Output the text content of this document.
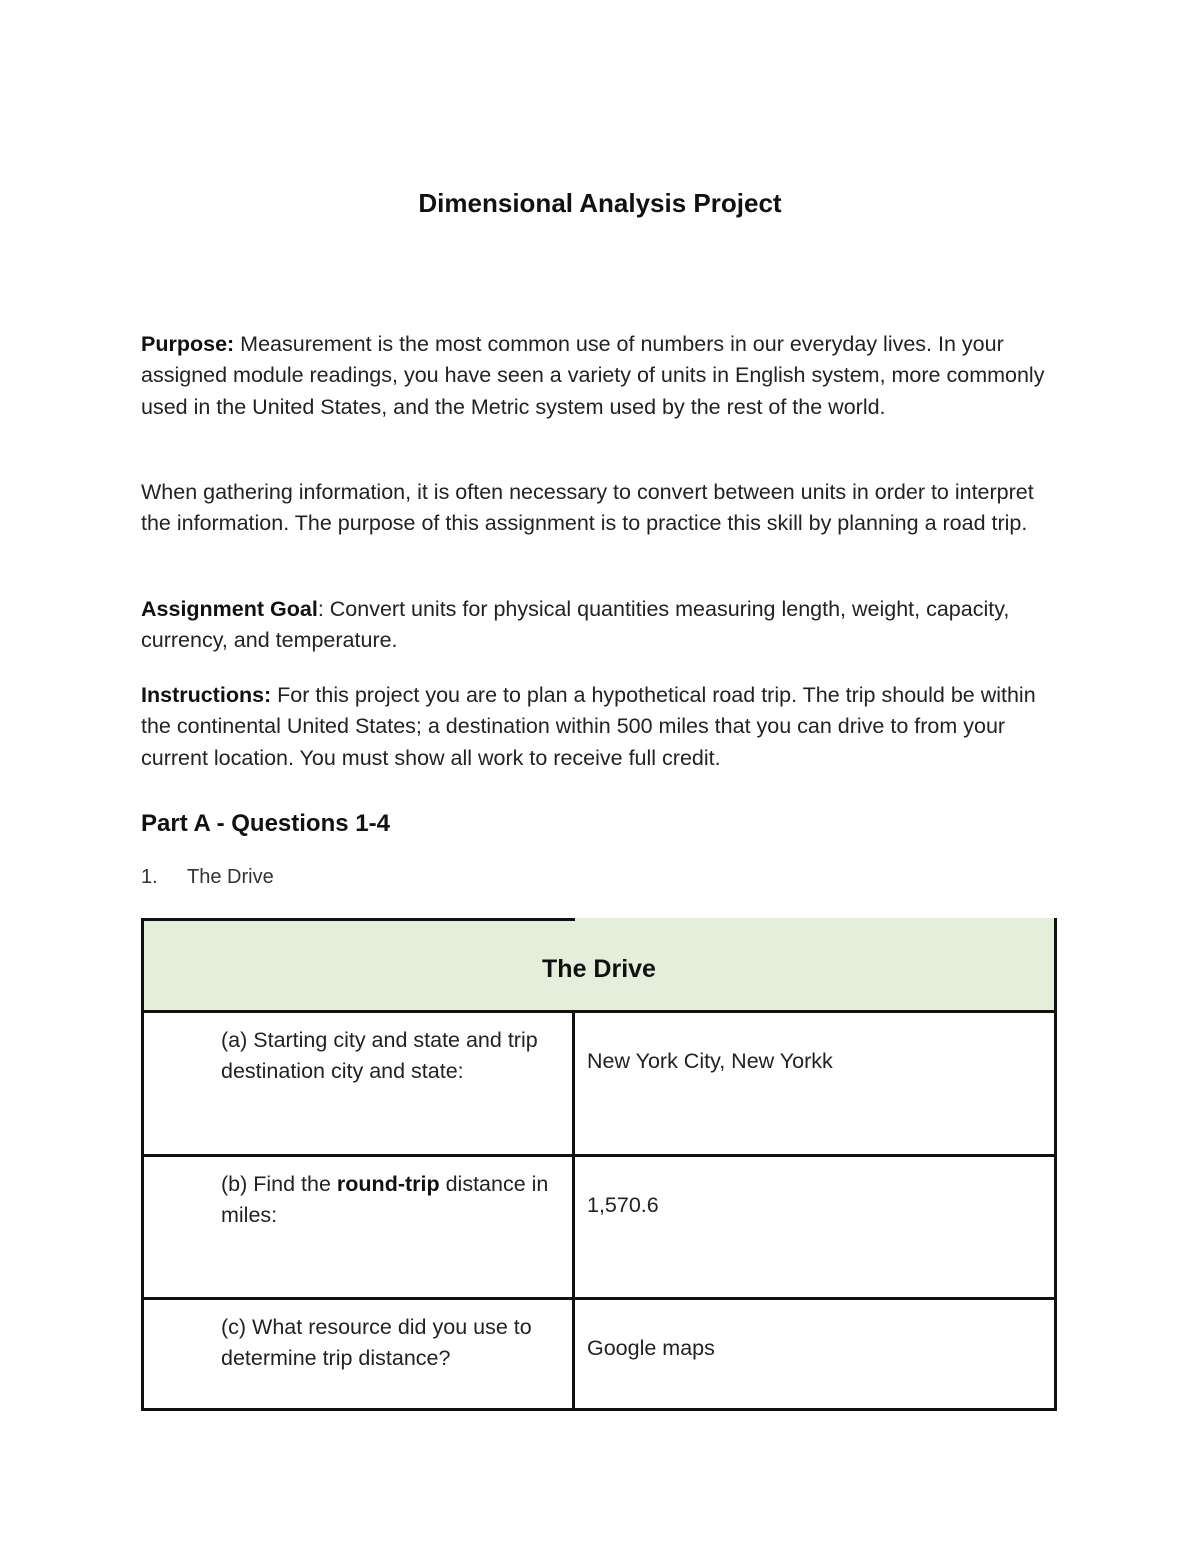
Dimensional Analysis Project

Purpose: Measurement is the most common use of numbers in our everyday lives. In your assigned module readings, you have seen a variety of units in English system, more commonly used in the United States, and the Metric system used by the rest of the world.

When gathering information, it is often necessary to convert between units in order to interpret the information. The purpose of this assignment is to practice this skill by planning a road trip.

Assignment Goal: Convert units for physical quantities measuring length, weight, capacity, currency, and temperature.

Instructions: For this project you are to plan a hypothetical road trip. The trip should be within the continental United States; a destination within 500 miles that you can drive to from your current location. You must show all work to receive full credit.

Part A - Questions 1-4
1. The Drive
The Drive
(a) Starting city and state and trip destination city and state:	New York City, New Yorkk
(b) Find the round-trip distance in miles:	1,570.6
(c) What resource did you use to determine trip distance?	Google maps
